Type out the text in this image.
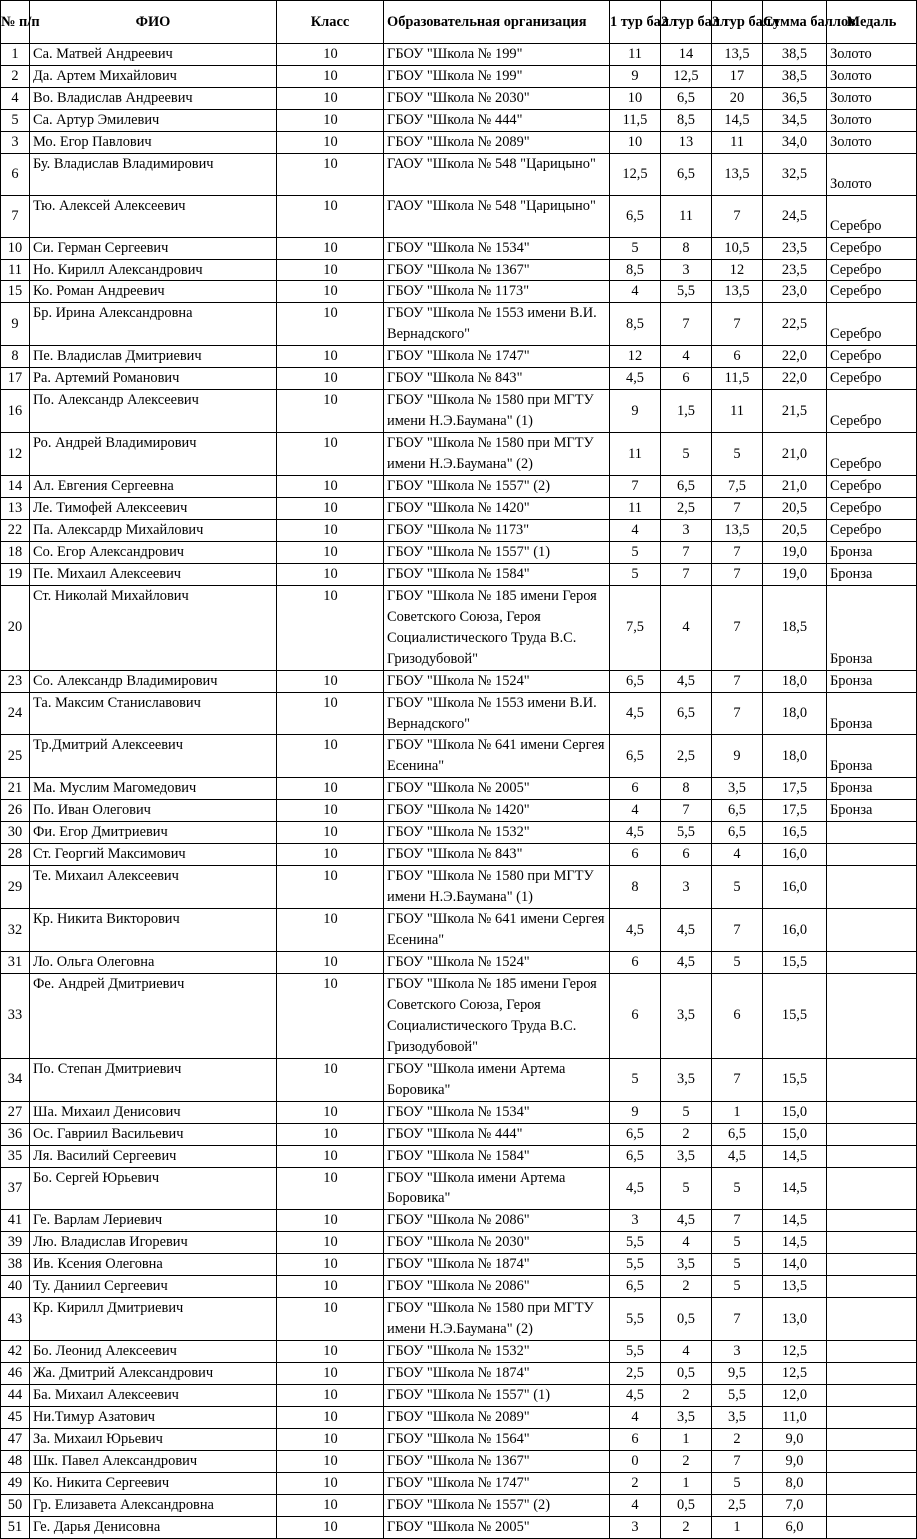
№ п/п	ФИО	Класс	Образовательная организация	1 тур балл	2 тур балл	3 тур балл	Сумма баллов	Медаль
1	Са. Матвей Андреевич	10	ГБОУ "Школа № 199"	11	14	13,5	38,5	Золото
2	Да. Артем Михайлович	10	ГБОУ "Школа № 199"	9	12,5	17	38,5	Золото
4	Во. Владислав Андреевич	10	ГБОУ "Школа № 2030"	10	6,5	20	36,5	Золото
5	Са. Артур Эмилевич	10	ГБОУ "Школа № 444"	11,5	8,5	14,5	34,5	Золото
3	Мо. Егор Павлович	10	ГБОУ "Школа № 2089"	10	13	11	34,0	Золото
6	Бу. Владислав Владимирович	10	ГАОУ "Школа № 548 "Царицыно"	12,5	6,5	13,5	32,5	Золото
7	Тю. Алексей Алексеевич	10	ГАОУ "Школа № 548 "Царицыно"	6,5	11	7	24,5	Серебро
10	Си. Герман Сергеевич	10	ГБОУ "Школа № 1534"	5	8	10,5	23,5	Серебро
11	Но. Кирилл Александрович	10	ГБОУ "Школа № 1367"	8,5	3	12	23,5	Серебро
15	Ко. Роман Андреевич	10	ГБОУ "Школа № 1173"	4	5,5	13,5	23,0	Серебро
9	Бр. Ирина Александровна	10	ГБОУ "Школа № 1553 имени В.И. Вернадского"	8,5	7	7	22,5	Серебро
8	Пе. Владислав Дмитриевич	10	ГБОУ "Школа № 1747"	12	4	6	22,0	Серебро
17	Ра. Артемий Романович	10	ГБОУ "Школа № 843"	4,5	6	11,5	22,0	Серебро
16	По. Александр Алексеевич	10	ГБОУ "Школа № 1580 при МГТУ имени Н.Э.Баумана" (1)	9	1,5	11	21,5	Серебро
12	Ро. Андрей Владимирович	10	ГБОУ "Школа № 1580 при МГТУ имени Н.Э.Баумана" (2)	11	5	5	21,0	Серебро
14	Ал. Евгения Сергеевна	10	ГБОУ "Школа № 1557" (2)	7	6,5	7,5	21,0	Серебро
13	Ле. Тимофей Алексеевич	10	ГБОУ "Школа № 1420"	11	2,5	7	20,5	Серебро
22	Па. Алексардр Михайлович	10	ГБОУ "Школа № 1173"	4	3	13,5	20,5	Серебро
18	Со. Егор Александрович	10	ГБОУ "Школа № 1557" (1)	5	7	7	19,0	Бронза
19	Пе. Михаил Алексеевич	10	ГБОУ "Школа № 1584"	5	7	7	19,0	Бронза
20	Ст. Николай Михайлович	10	ГБОУ "Школа № 185 имени Героя Советского Союза, Героя Социалистического Труда В.С. Гризодубовой"	7,5	4	7	18,5	Бронза
23	Со. Александр Владимирович	10	ГБОУ "Школа № 1524"	6,5	4,5	7	18,0	Бронза
24	Та. Максим Станиславович	10	ГБОУ "Школа № 1553 имени В.И. Вернадского"	4,5	6,5	7	18,0	Бронза
25	Тр.Дмитрий Алексеевич	10	ГБОУ "Школа № 641 имени Сергея Есенина"	6,5	2,5	9	18,0	Бронза
21	Ма. Муслим Магомедович	10	ГБОУ "Школа № 2005"	6	8	3,5	17,5	Бронза
26	По. Иван Олегович	10	ГБОУ "Школа № 1420"	4	7	6,5	17,5	Бронза
30	Фи. Егор Дмитриевич	10	ГБОУ "Школа № 1532"	4,5	5,5	6,5	16,5	
28	Ст. Георгий Максимович	10	ГБОУ "Школа № 843"	6	6	4	16,0	
29	Те. Михаил Алексеевич	10	ГБОУ "Школа № 1580 при МГТУ имени Н.Э.Баумана" (1)	8	3	5	16,0	
32	Кр. Никита Викторович	10	ГБОУ "Школа № 641 имени Сергея Есенина"	4,5	4,5	7	16,0	
31	Ло. Ольга Олеговна	10	ГБОУ "Школа № 1524"	6	4,5	5	15,5	
33	Фе. Андрей Дмитриевич	10	ГБОУ "Школа № 185 имени Героя Советского Союза, Героя Социалистического Труда В.С. Гризодубовой"	6	3,5	6	15,5	
34	По. Степан Дмитриевич	10	ГБОУ "Школа имени Артема Боровика"	5	3,5	7	15,5	
27	Ша. Михаил Денисович	10	ГБОУ "Школа № 1534"	9	5	1	15,0	
36	Ос. Гавриил Васильевич	10	ГБОУ "Школа № 444"	6,5	2	6,5	15,0	
35	Ля. Василий Сергеевич	10	ГБОУ "Школа № 1584"	6,5	3,5	4,5	14,5	
37	Бо. Сергей Юрьевич	10	ГБОУ "Школа имени Артема Боровика"	4,5	5	5	14,5	
41	Ге. Варлам Лериевич	10	ГБОУ "Школа № 2086"	3	4,5	7	14,5	
39	Лю. Владислав Игоревич	10	ГБОУ "Школа № 2030"	5,5	4	5	14,5	
38	Ив. Ксения Олеговна	10	ГБОУ "Школа № 1874"	5,5	3,5	5	14,0	
40	Ту. Даниил Сергеевич	10	ГБОУ "Школа № 2086"	6,5	2	5	13,5	
43	Кр. Кирилл Дмитриевич	10	ГБОУ "Школа № 1580 при МГТУ имени Н.Э.Баумана" (2)	5,5	0,5	7	13,0	
42	Бо. Леонид Алексеевич	10	ГБОУ "Школа № 1532"	5,5	4	3	12,5	
46	Жа. Дмитрий Александрович	10	ГБОУ "Школа № 1874"	2,5	0,5	9,5	12,5	
44	Ба. Михаил Алексеевич	10	ГБОУ "Школа № 1557" (1)	4,5	2	5,5	12,0	
45	Ни.Тимур Азатович	10	ГБОУ "Школа № 2089"	4	3,5	3,5	11,0	
47	За. Михаил Юрьевич	10	ГБОУ "Школа № 1564"	6	1	2	9,0	
48	Шк. Павел Александрович	10	ГБОУ "Школа № 1367"	0	2	7	9,0	
49	Ко. Никита Сергеевич	10	ГБОУ "Школа № 1747"	2	1	5	8,0	
50	Гр. Елизавета Александровна	10	ГБОУ "Школа № 1557" (2)	4	0,5	2,5	7,0	
51	Ге. Дарья Денисовна	10	ГБОУ "Школа № 2005"	3	2	1	6,0	
